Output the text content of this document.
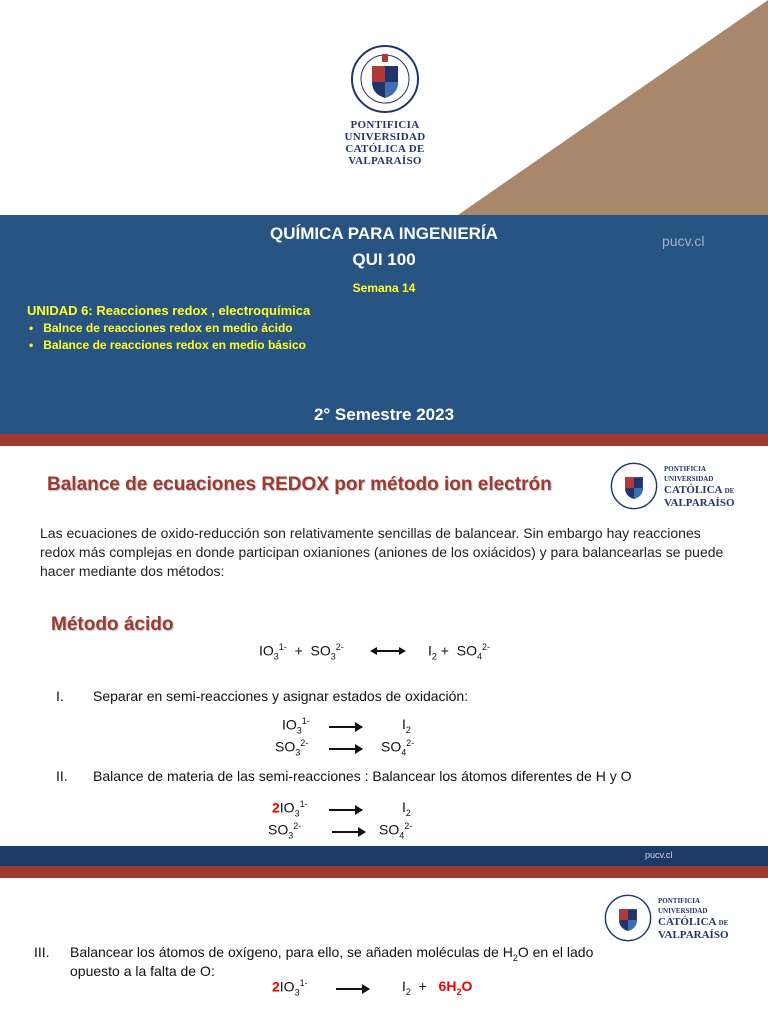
PONTIFICIA
UNIVERSIDAD
CATÓLICA DE
VALPARAÍSO
QUÍMICA PARA INGENIERÍA
QUI 100
pucv.cl
Semana 14
UNIDAD 6: Reacciones redox , electroquímica
•   Balnce de reacciones redox en medio ácido
•   Balance de reacciones redox en medio básico
2° Semestre 2023
Balance de ecuaciones REDOX por método ion electrón
PONTIFICIA
UNIVERSIDAD
CATÓLICA DE
VALPARAÍSO
Las ecuaciones de oxido-reducción son relativamente sencillas de balancear. Sin embargo hay reacciones redox más complejas en donde participan oxianiones (aniones de los oxiácidos) y para balancearlas se puede hacer mediante dos métodos:
Método ácido
$IO_3^{1-} + SO_3^{2-}$	$I_2 + SO_4^{2-}$
I. Separar en semi-reacciones y asignar estados de oxidación:
$IO_3^{1-}$	$I_2$
$SO_3^{2-}$	$SO_4^{2-}$
II. Balance de materia de las semi-reacciones : Balancear los átomos diferentes de H y O
$2IO_3^{1-}$	$I_2$
$SO_3^{2-}$	$SO_4^{2-}$
pucv.cl
PONTIFICIA
UNIVERSIDAD
CATÓLICA DE
VALPARAÍSO
III. Balancear los átomos de oxígeno, para ello, se añaden moléculas de $H_2O$ en el lado
opuesto a la falta de O:
$2IO_3^{1-}$	$I_2 + 6H_2O$
